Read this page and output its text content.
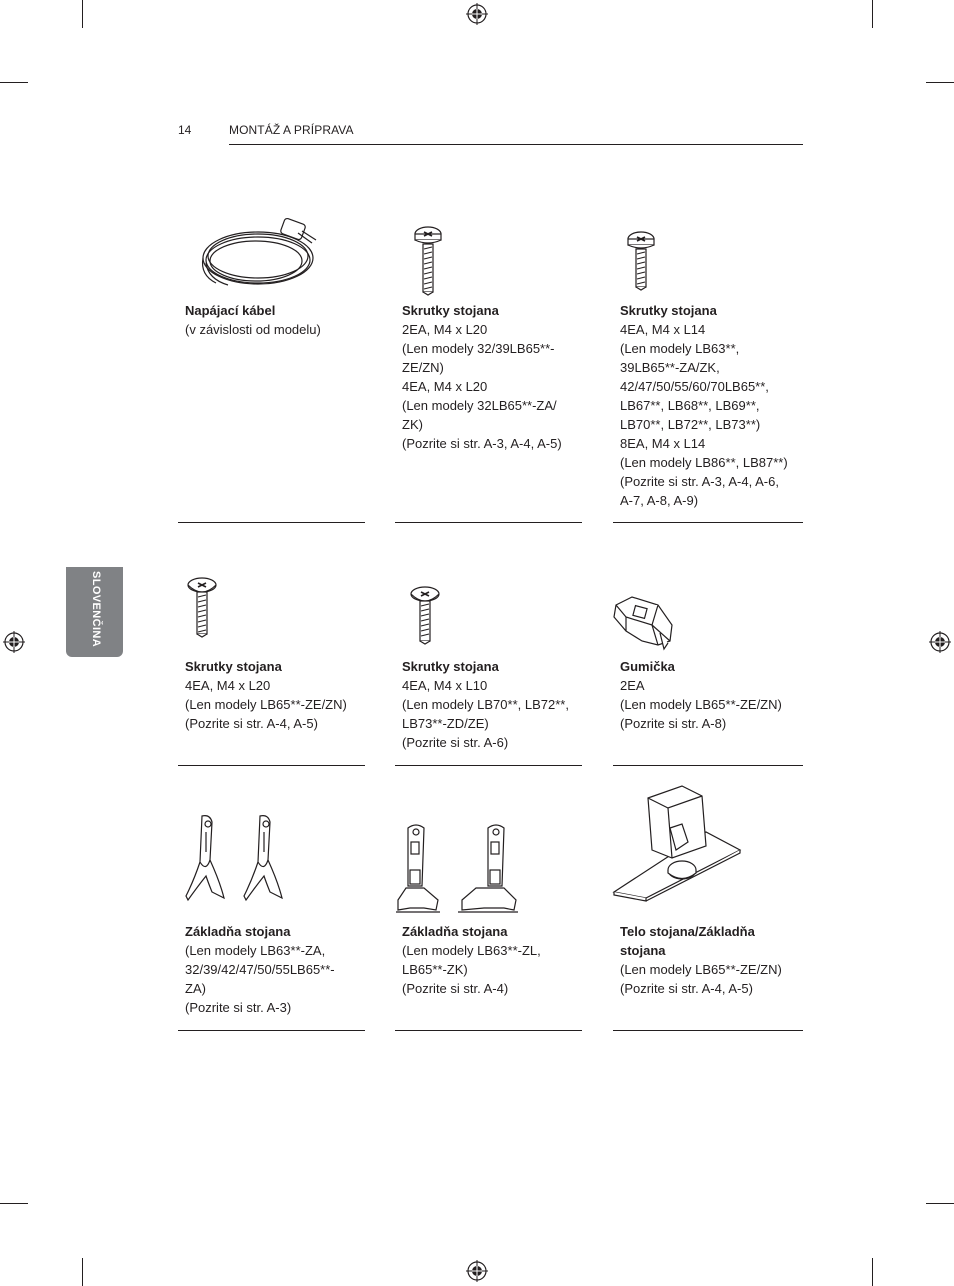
14	MONTÁŽ A PRÍPRAVA
SLOVENČINA
Napájací kábel
(v závislosti od modelu)
Skrutky stojana
2EA, M4 x L20
(Len modely 32/39LB65**-
ZE/ZN)
4EA, M4 x L20
(Len modely 32LB65**-ZA/
ZK)
(Pozrite si str. A-3, A-4, A-5)
Skrutky stojana
4EA, M4 x L14
(Len modely LB63**,
39LB65**-ZA/ZK,
42/47/50/55/60/70LB65**,
LB67**, LB68**, LB69**,
LB70**, LB72**, LB73**)
8EA, M4 x L14
(Len modely LB86**, LB87**)
(Pozrite si str. A-3, A-4, A-6,
A-7, A-8, A-9)
Skrutky stojana
4EA, M4 x L20
(Len modely LB65**-ZE/ZN)
(Pozrite si str. A-4, A-5)
Skrutky stojana
4EA, M4 x L10
(Len modely LB70**, LB72**,
LB73**-ZD/ZE)
(Pozrite si str. A-6)
Gumička
2EA
(Len modely LB65**-ZE/ZN)
(Pozrite si str. A-8)
Základňa stojana
(Len modely LB63**-ZA,
32/39/42/47/50/55LB65**-
ZA)
(Pozrite si str. A-3)
Základňa stojana
(Len modely LB63**-ZL,
LB65**-ZK)
(Pozrite si str. A-4)
Telo stojana/Základňa
stojana
(Len modely LB65**-ZE/ZN)
(Pozrite si str. A-4, A-5)
